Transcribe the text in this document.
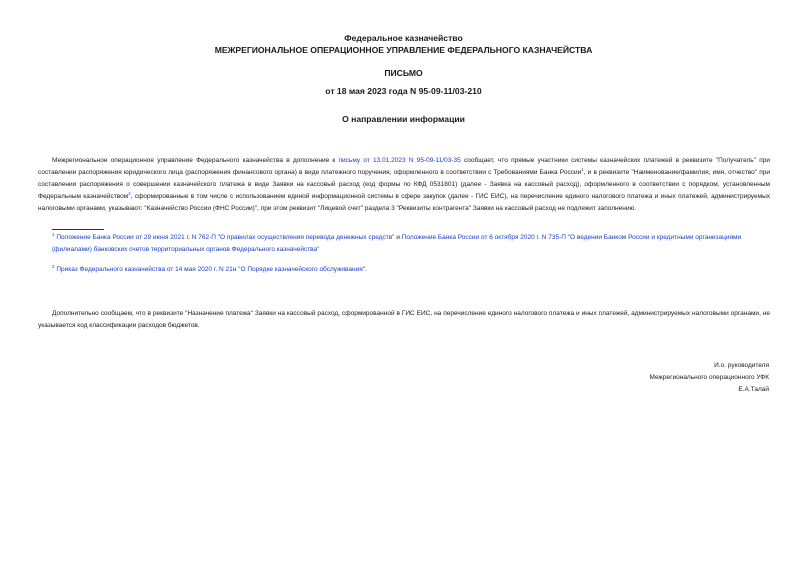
Федеральное казначейство
МЕЖРЕГИОНАЛЬНОЕ ОПЕРАЦИОННОЕ УПРАВЛЕНИЕ ФЕДЕРАЛЬНОГО КАЗНАЧЕЙСТВА
ПИСЬМО
от 18 мая 2023 года N 95-09-11/03-210
О направлении информации
Межрегиональное операционное управление Федерального казначейства в дополнение к письму от 13.01.2023 N 95-09-11/03-35 сообщает, что прямые участники системы казначейских платежей в реквизите "Получатель" при составлении распоряжения юридического лица (распоряжения финансового органа) в виде платежного поручения, оформленного в соответствии с Требованиями Банка России$^1$, и в реквизите "Наименование/фамилия, имя, отчество" при составлении распоряжения о совершении казначейского платежа в виде Заявки на кассовый расход (код формы по КФД 0531801) (далее - Заявка на кассовый расход), оформленного в соответствии с порядком, установленным Федеральным казначейством$^2$, сформированные в том числе с использованием единой информационной системы в сфере закупок (далее - ГИС ЕИС), на перечисление единого налогового платежа и иных платежей, администрируемых налоговыми органами, указывают: "Казначейство России (ФНС России)", при этом реквизит "Лицевой счет" раздела 3 "Реквизиты контрагента" Заявки на кассовый расход не подлежит заполнению.
$^1$ Положение Банка России от 29 июня 2021 г. N 762-П "О правилах осуществления перевода денежных средств" и Положение Банка России от 6 октября 2020 г. N 735-П "О ведении Банком России и кредитными организациями (филиалами) банковских счетов территориальных органов Федерального казначейства"
$^2$ Приказ Федерального казначейства от 14 мая 2020 г. N 21н "О Порядке казначейского обслуживания".
Дополнительно сообщаем, что в реквизите "Назначение платежа" Заявки на кассовый расход, сформированной в ГИС ЕИС, на перечисление единого налогового платежа и иных платежей, администрируемых налоговыми органами, не указывается код классификации расходов бюджетов.
И.о. руководителя
Межрегионального операционного УФК
Е.А.Талай
